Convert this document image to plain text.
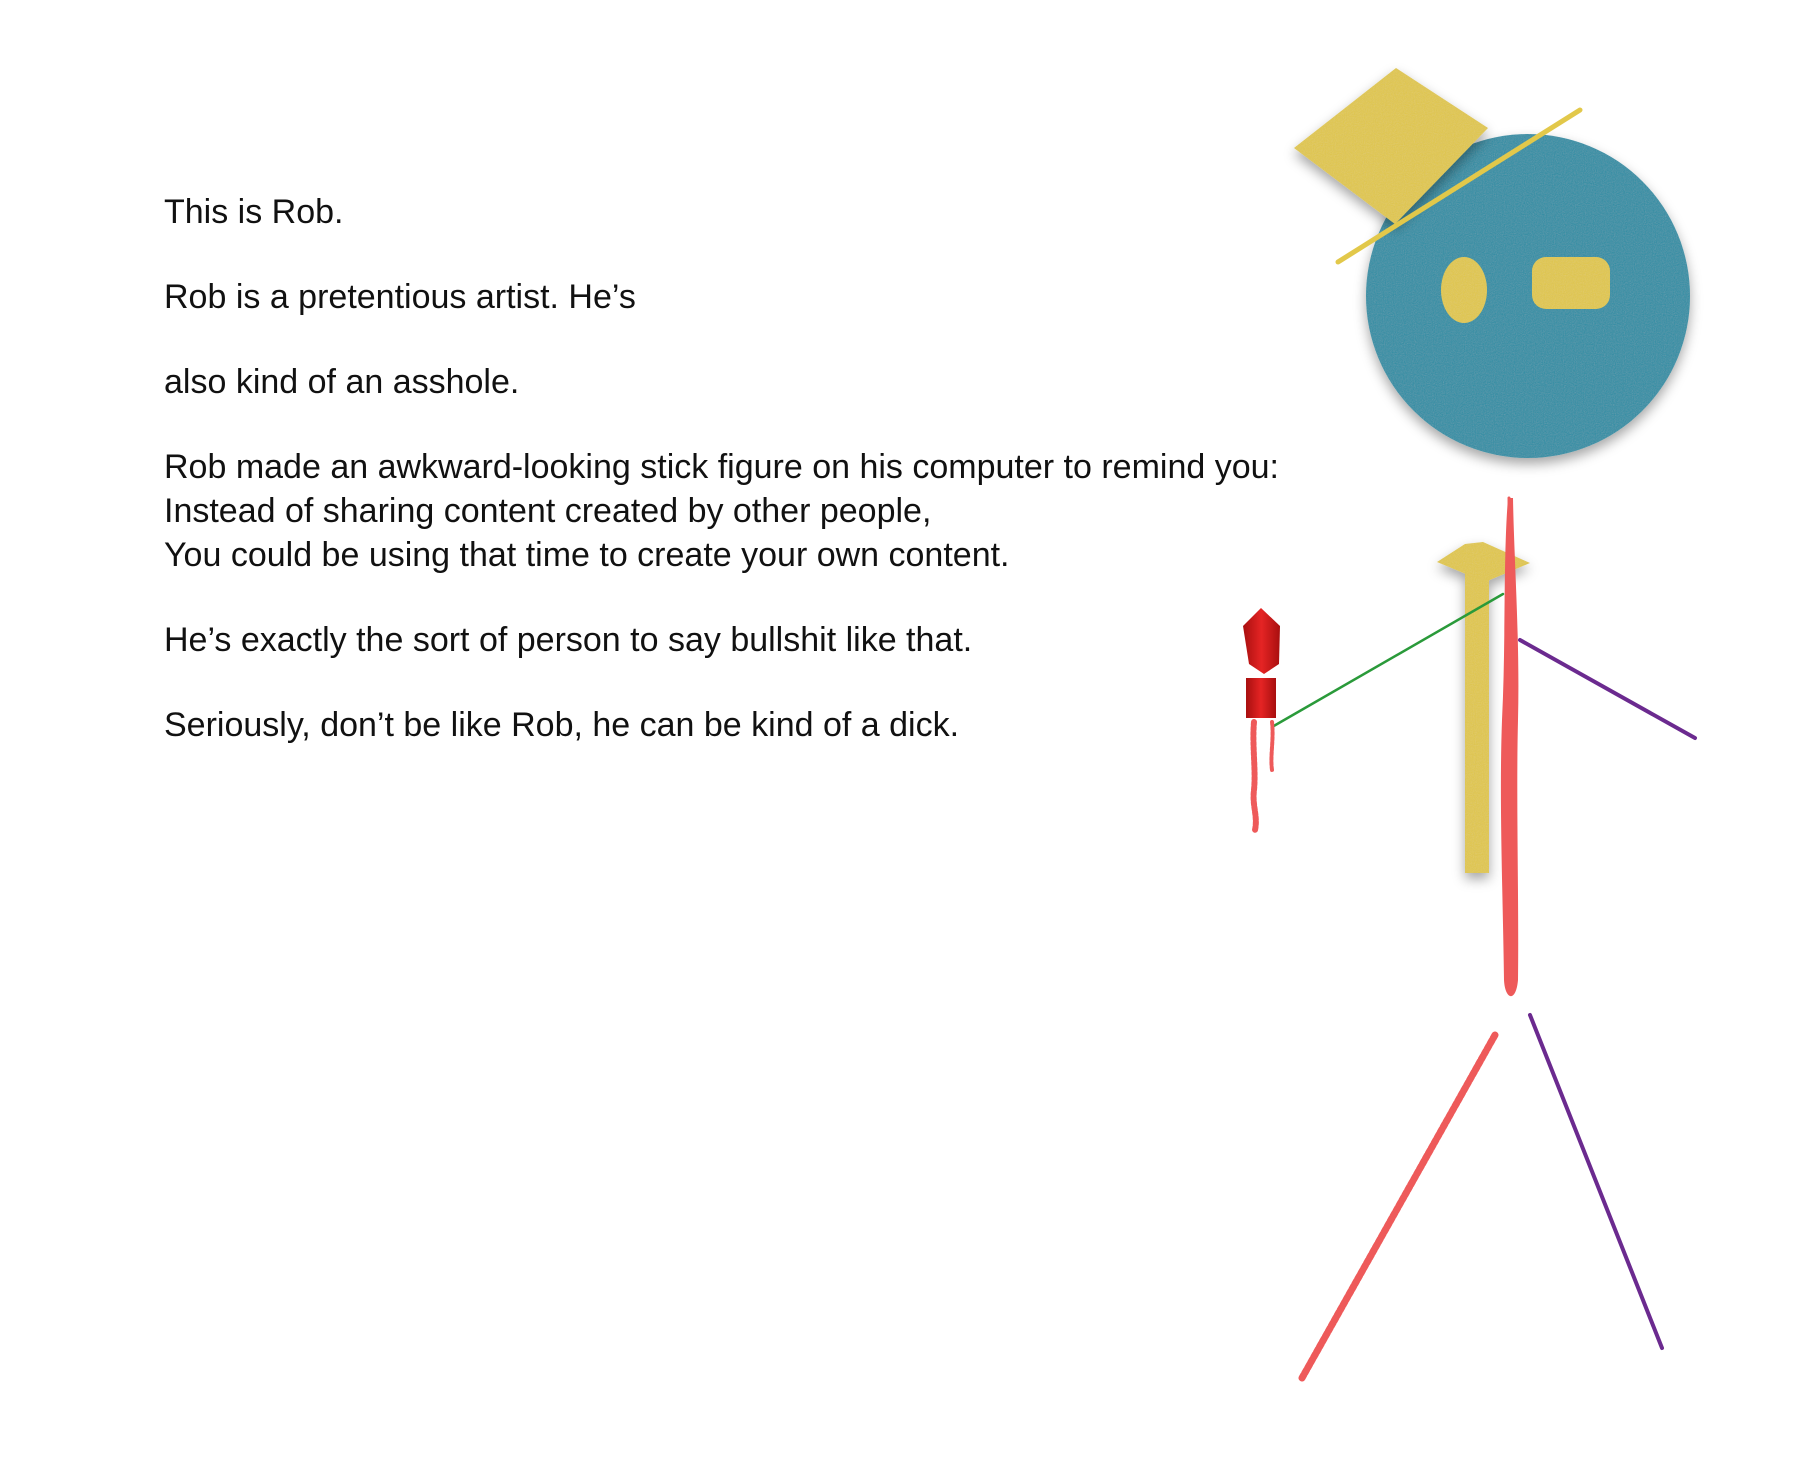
This is Rob.

Rob is a pretentious artist. He’s

also kind of an asshole.

Rob made an awkward-looking stick figure on his computer to remind you:
Instead of sharing content created by other people,
You could be using that time to create your own content.

He’s exactly the sort of person to say bullshit like that.

Seriously, don’t be like Rob, he can be kind of a dick.
